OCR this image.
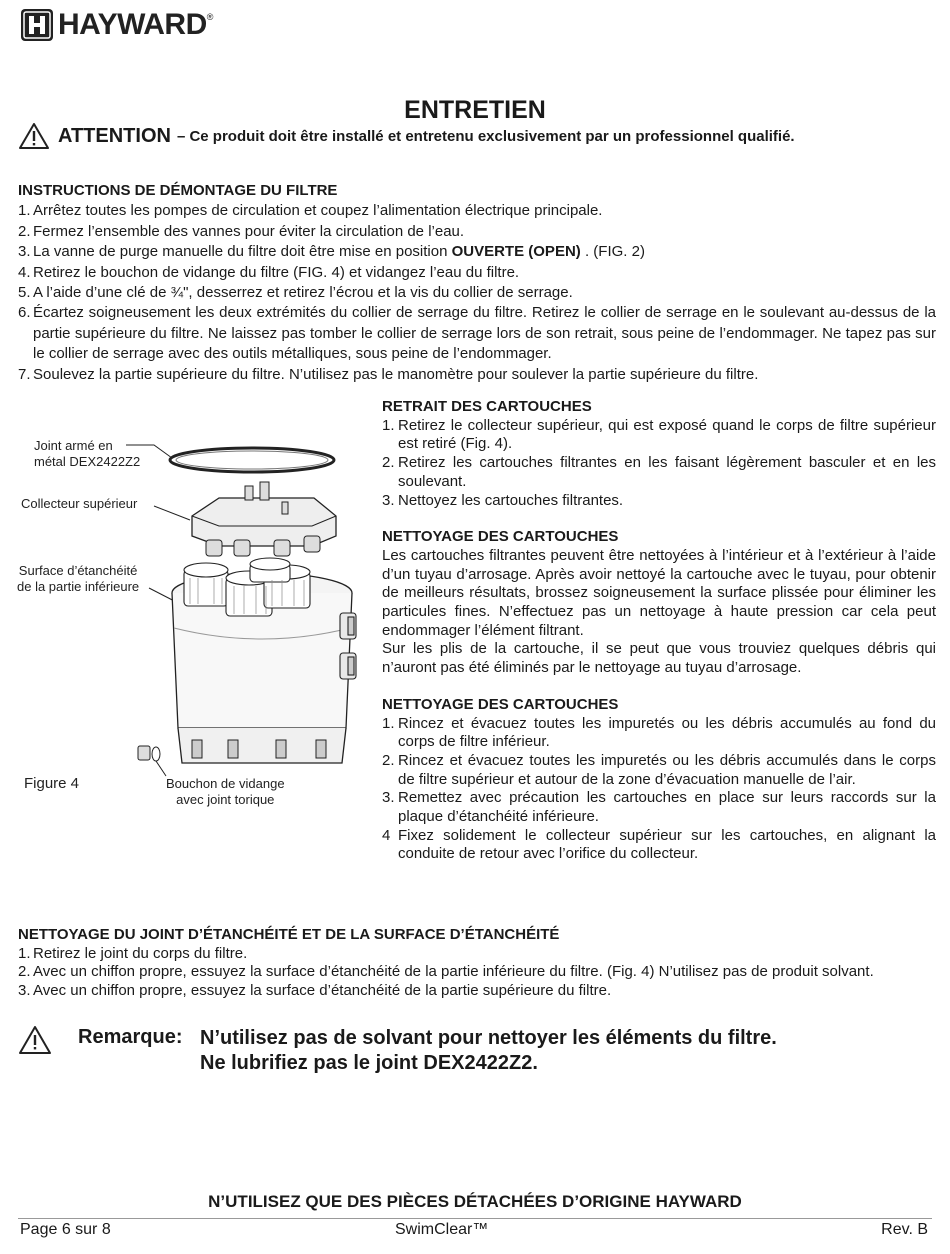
HAYWARD ®
ENTRETIEN
ATTENTION – Ce produit doit être installé et entretenu exclusivement par un professionnel qualifié.
INSTRUCTIONS DE DÉMONTAGE DU FILTRE
1. Arrêtez toutes les pompes de circulation et coupez l’alimentation électrique principale.
2. Fermez l’ensemble des vannes pour éviter la circulation de l’eau.
3. La vanne de purge manuelle du filtre doit être mise en position OUVERTE (OPEN) . (FIG. 2)
4. Retirez le bouchon de vidange du filtre (FIG. 4) et vidangez l’eau du filtre.
5. A l’aide d’une clé de ¾", desserrez et retirez l’écrou et la vis du collier de serrage.
6. Écartez soigneusement les deux extrémités du collier de serrage du filtre. Retirez le collier de serrage en le soulevant au-dessus de la partie supérieure du filtre. Ne laissez pas tomber le collier de serrage lors de son retrait, sous peine de l’endommager. Ne tapez pas sur le collier de serrage avec des outils métalliques, sous peine de l’endommager.
7. Soulevez la partie supérieure du filtre. N’utilisez pas le manomètre pour soulever la partie supérieure du filtre.
Joint armé en
métal DEX2422Z2
Collecteur supérieur
Surface d’étanchéité
de la partie inférieure
Figure 4	Bouchon de vidange
avec joint torique
RETRAIT DES CARTOUCHES
1. Retirez le collecteur supérieur, qui est exposé quand le corps de filtre supérieur est retiré (Fig. 4).
2. Retirez les cartouches filtrantes en les faisant légèrement basculer et en les soulevant.
3. Nettoyez les cartouches filtrantes.
NETTOYAGE DES CARTOUCHES
Les cartouches filtrantes peuvent être nettoyées à l’intérieur et à l’extérieur à l’aide d’un tuyau d’arrosage. Après avoir nettoyé la cartouche avec le tuyau, pour obtenir de meilleurs résultats, brossez soigneusement la surface plissée pour éliminer les particules fines. N’effectuez pas un nettoyage à haute pression car cela peut endommager l’élément filtrant.
Sur les plis de la cartouche, il se peut que vous trouviez quelques débris qui n’auront pas été éliminés par le nettoyage au tuyau d’arrosage.
NETTOYAGE DES CARTOUCHES
1. Rincez et évacuez toutes les impuretés ou les débris accumulés au fond du corps de filtre inférieur.
2. Rincez et évacuez toutes les impuretés ou les débris accumulés dans le corps de filtre supérieur et autour de la zone d’évacuation manuelle de l’air.
3. Remettez avec précaution les cartouches en place sur leurs raccords sur la plaque d’étanchéité inférieure.
4 Fixez solidement le collecteur supérieur sur les cartouches, en alignant la conduite de retour avec l’orifice du collecteur.
NETTOYAGE DU JOINT D’ÉTANCHÉITÉ ET DE LA SURFACE D’ÉTANCHÉITÉ
1. Retirez le joint du corps du filtre.
2. Avec un chiffon propre, essuyez la surface d’étanchéité de la partie inférieure du filtre. (Fig. 4) N’utilisez pas de produit solvant.
3. Avec un chiffon propre, essuyez la surface d’étanchéité de la partie supérieure du filtre.
Remarque: N’utilisez pas de solvant pour nettoyer les éléments du filtre.
Ne lubrifiez pas le joint DEX2422Z2.
N’UTILISEZ QUE DES PIÈCES DÉTACHÉES D’ORIGINE HAYWARD
Page 6 sur 8	SwimClear™	Rev. B
